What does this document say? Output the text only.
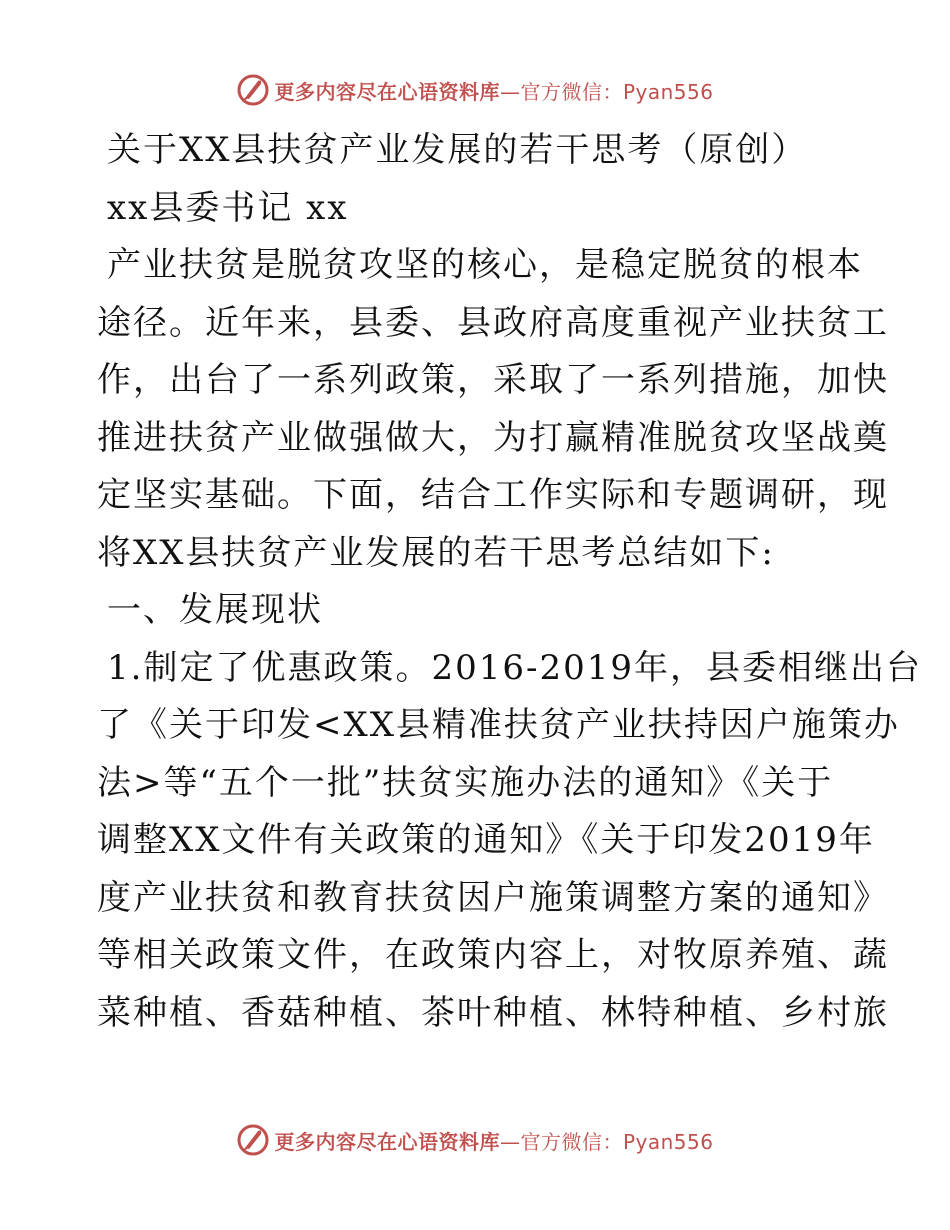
更多内容尽在心语资料库—官方微信：Pyan556
关于XX县扶贫产业发展的若干思考（原创）
xx县委书记 xx
产业扶贫是脱贫攻坚的核心，是稳定脱贫的根本
途径。近年来，县委、县政府高度重视产业扶贫工
作，出台了一系列政策，采取了一系列措施，加快
推进扶贫产业做强做大，为打赢精准脱贫攻坚战奠
定坚实基础。下面，结合工作实际和专题调研，现
将XX县扶贫产业发展的若干思考总结如下:
一、发展现状
1.制定了优惠政策。2016-2019年，县委相继出台
了《关于印发<XX县精准扶贫产业扶持因户施策办
法>等“五个一批”扶贫实施办法的通知》《关于
调整XX文件有关政策的通知》《关于印发2019年
度产业扶贫和教育扶贫因户施策调整方案的通知》
等相关政策文件，在政策内容上，对牧原养殖、蔬
菜种植、香菇种植、茶叶种植、林特种植、乡村旅
更多内容尽在心语资料库—官方微信：Pyan556
